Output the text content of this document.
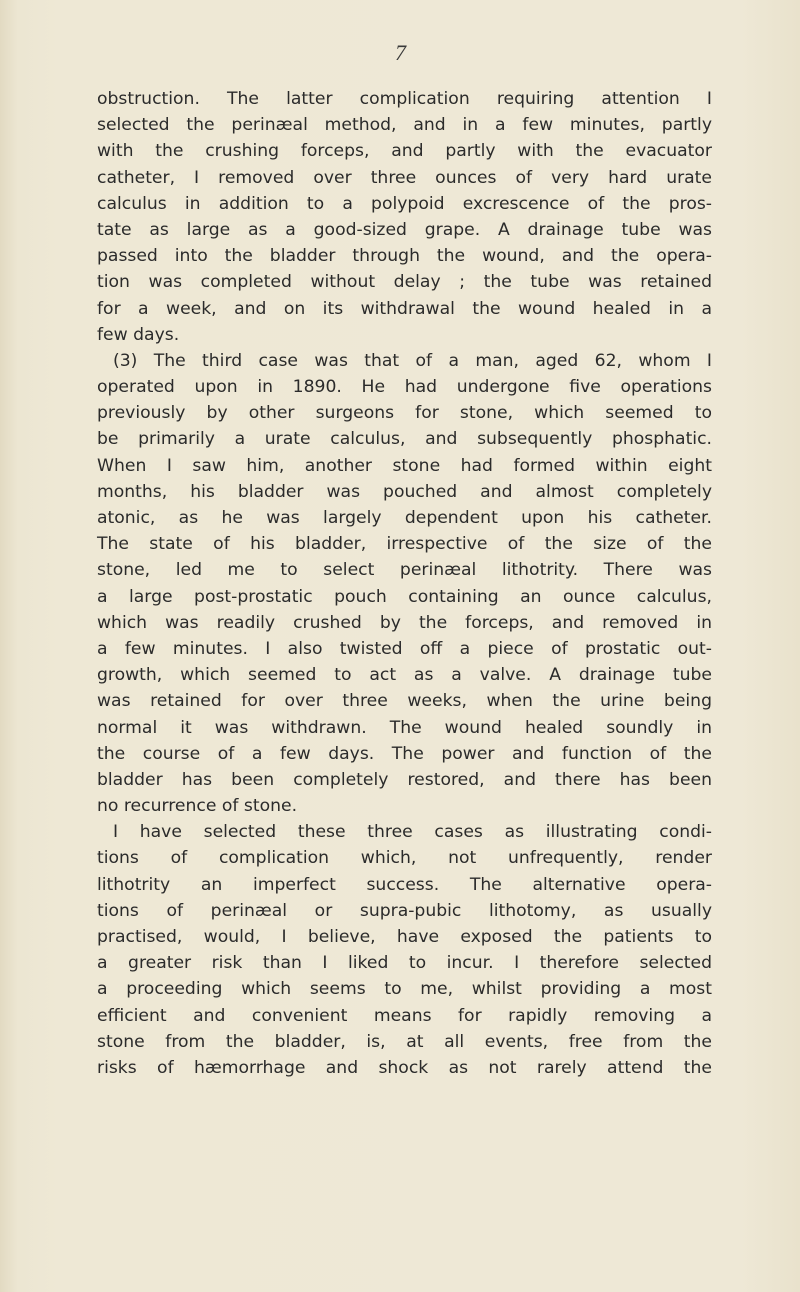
7

obstruction. The latter complication requiring attention I
selected the perinæal method, and in a few minutes, partly
with the crushing forceps, and partly with the evacuator
catheter, I removed over three ounces of very hard urate
calculus in addition to a polypoid excrescence of the pros-
tate as large as a good-sized grape. A drainage tube was
passed into the bladder through the wound, and the opera-
tion was completed without delay ; the tube was retained
for a week, and on its withdrawal the wound healed in a
few days.
(3) The third case was that of a man, aged 62, whom I
operated upon in 1890. He had undergone five operations
previously by other surgeons for stone, which seemed to
be primarily a urate calculus, and subsequently phosphatic.
When I saw him, another stone had formed within eight
months, his bladder was pouched and almost completely
atonic, as he was largely dependent upon his catheter.
The state of his bladder, irrespective of the size of the
stone, led me to select perinæal lithotrity. There was
a large post-prostatic pouch containing an ounce calculus,
which was readily crushed by the forceps, and removed in
a few minutes. I also twisted off a piece of prostatic out-
growth, which seemed to act as a valve. A drainage tube
was retained for over three weeks, when the urine being
normal it was withdrawn. The wound healed soundly in
the course of a few days. The power and function of the
bladder has been completely restored, and there has been
no recurrence of stone.
I have selected these three cases as illustrating condi-
tions of complication which, not unfrequently, render
lithotrity an imperfect success. The alternative opera-
tions of perinæal or supra-pubic lithotomy, as usually
practised, would, I believe, have exposed the patients to
a greater risk than I liked to incur. I therefore selected
a proceeding which seems to me, whilst providing a most
efficient and convenient means for rapidly removing a
stone from the bladder, is, at all events, free from the
risks of hæmorrhage and shock as not rarely attend the
